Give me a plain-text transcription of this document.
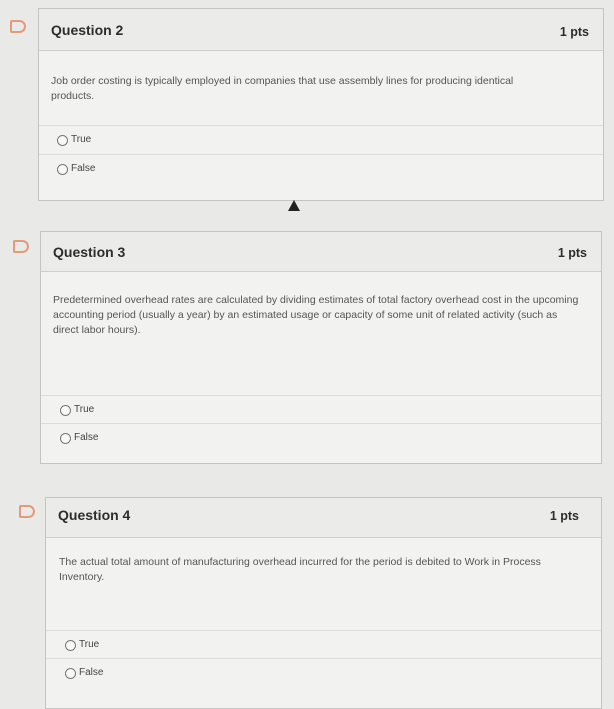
Question 2	1 pts
Job order costing is typically employed in companies that use assembly lines for producing identical products.
True
False
Question 3	1 pts
Predetermined overhead rates are calculated by dividing estimates of total factory overhead cost in the upcoming accounting period (usually a year) by an estimated usage or capacity of some unit of related activity (such as direct labor hours).
True
False
Question 4	1 pts
The actual total amount of manufacturing overhead incurred for the period is debited to Work in Process Inventory.
True
False
